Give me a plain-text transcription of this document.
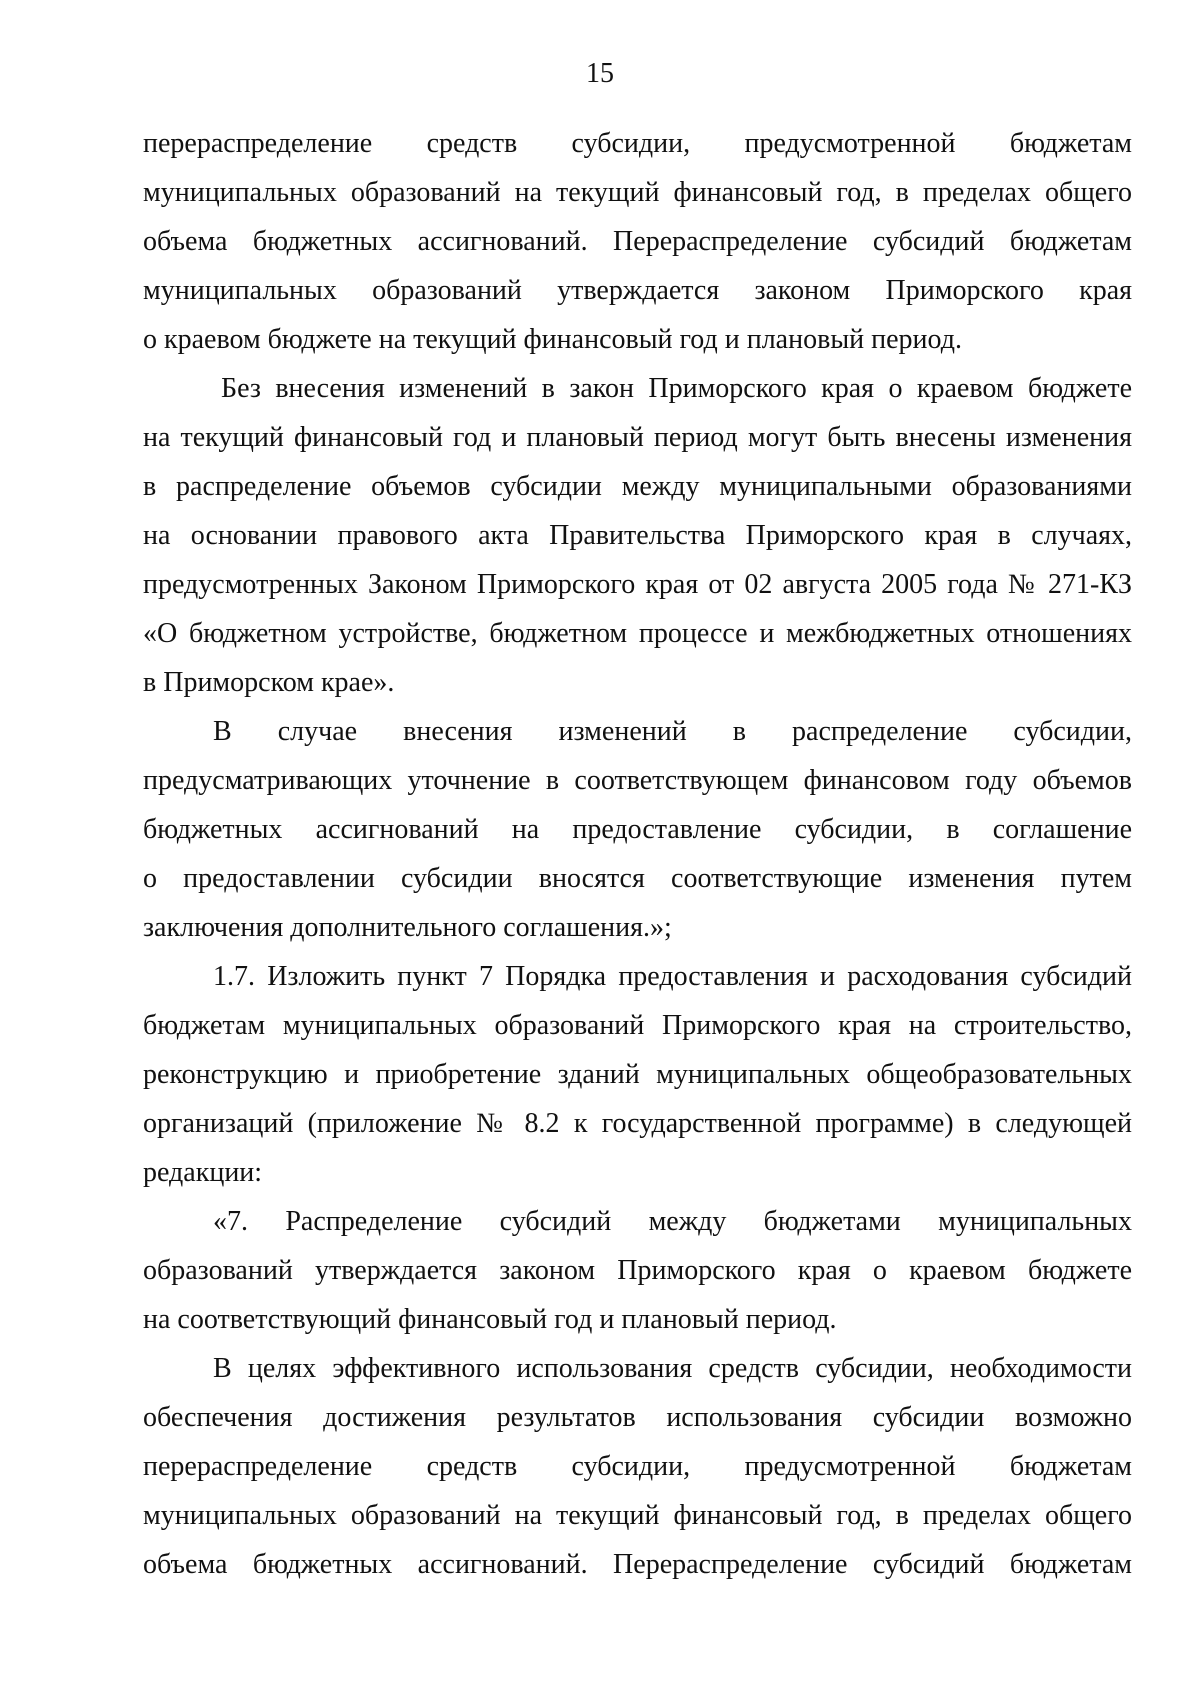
15
перераспределение средств субсидии, предусмотренной бюджетам
муниципальных образований на текущий финансовый год, в пределах общего
объема бюджетных ассигнований. Перераспределение субсидий бюджетам
муниципальных образований утверждается законом Приморского края
о краевом бюджете на текущий финансовый год и плановый период.
Без внесения изменений в закон Приморского края о краевом бюджете
на текущий финансовый год и плановый период могут быть внесены изменения
в распределение объемов субсидии между муниципальными образованиями
на основании правового акта Правительства Приморского края в случаях,
предусмотренных Законом Приморского края от 02 августа 2005 года № 271-КЗ
«О бюджетном устройстве, бюджетном процессе и межбюджетных отношениях
в Приморском крае».
В случае внесения изменений в распределение субсидии,
предусматривающих уточнение в соответствующем финансовом году объемов
бюджетных ассигнований на предоставление субсидии, в соглашение
о предоставлении субсидии вносятся соответствующие изменения путем
заключения дополнительного соглашения.»;
1.7. Изложить пункт 7 Порядка предоставления и расходования субсидий
бюджетам муниципальных образований Приморского края на строительство,
реконструкцию и приобретение зданий муниципальных общеобразовательных
организаций (приложение № 8.2 к государственной программе) в следующей
редакции:
«7. Распределение субсидий между бюджетами муниципальных
образований утверждается законом Приморского края о краевом бюджете
на соответствующий финансовый год и плановый период.
В целях эффективного использования средств субсидии, необходимости
обеспечения достижения результатов использования субсидии возможно
перераспределение средств субсидии, предусмотренной бюджетам
муниципальных образований на текущий финансовый год, в пределах общего
объема бюджетных ассигнований. Перераспределение субсидий бюджетам
